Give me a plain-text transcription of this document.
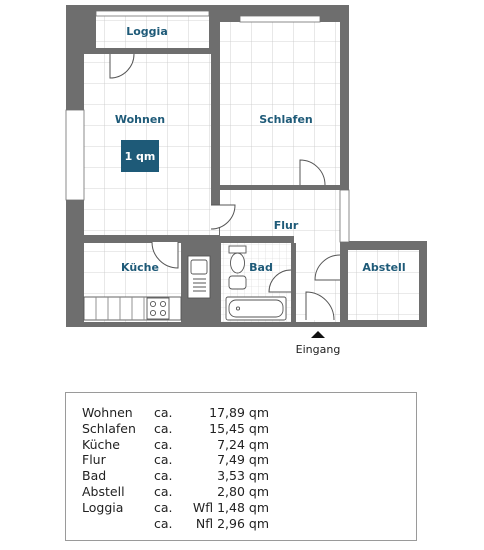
1 qm
Loggia
Wohnen	Schlafen
Flur
Küche	Bad	Abstell
Eingang
Wohnen	ca.	17,89 qm
Schlafen	ca.	15,45 qm
Küche	ca.	7,24 qm
Flur	ca.	7,49 qm
Bad	ca.	3,53 qm
Abstell	ca.	2,80 qm
Loggia	ca.	Wfl 1,48 qm
	ca.	Nfl 2,96 qm
